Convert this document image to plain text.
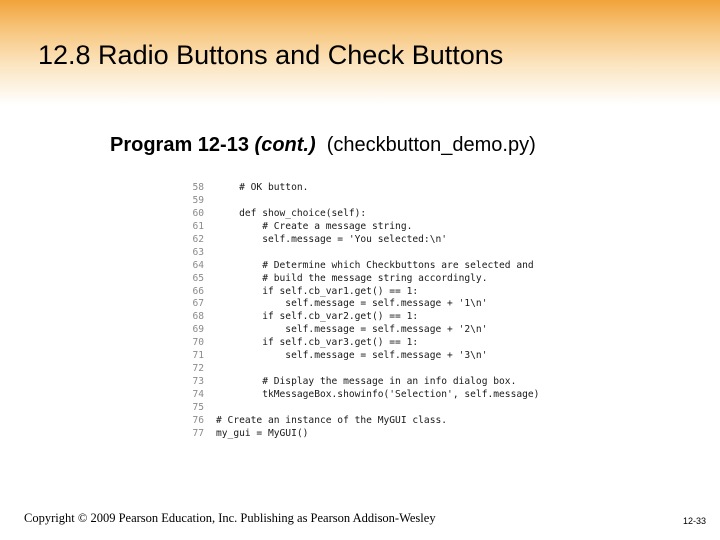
12.8 Radio Buttons and Check Buttons
Program 12-13 (cont.) (checkbutton_demo.py)
58    # OK button.
59
60    def show_choice(self):
61        # Create a message string.
62        self.message = 'You selected:\n'
63
64        # Determine which Checkbuttons are selected and
65        # build the message string accordingly.
66        if self.cb_var1.get() == 1:
67            self.message = self.message + '1\n'
68        if self.cb_var2.get() == 1:
69            self.message = self.message + '2\n'
70        if self.cb_var3.get() == 1:
71            self.message = self.message + '3\n'
72
73        # Display the message in an info dialog box.
74        tkMessageBox.showinfo('Selection', self.message)
75
76 # Create an instance of the MyGUI class.
77 my_gui = MyGUI()
Copyright © 2009 Pearson Education, Inc. Publishing as Pearson Addison-Wesley	12-33
